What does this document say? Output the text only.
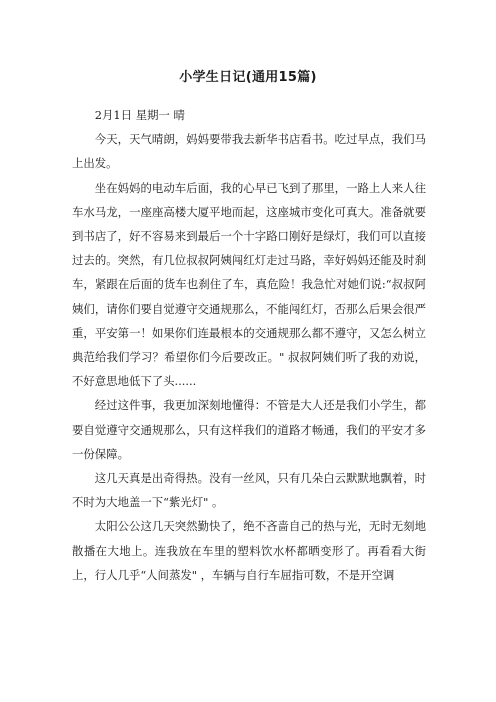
小学生日记(通用15篇)

2月1日 星期一 晴

今天，天气晴朗，妈妈要带我去新华书店看书。吃过早点，我们马上出发。

坐在妈妈的电动车后面，我的心早已飞到了那里，一路上人来人往车水马龙，一座座高楼大厦平地而起，这座城市变化可真大。准备就要到书店了，好不容易来到最后一个十字路口刚好是绿灯，我们可以直接过去的。突然，有几位叔叔阿姨闯红灯走过马路，幸好妈妈还能及时刹车，紧跟在后面的货车也刹住了车，真危险！我急忙对她们说:“叔叔阿姨们，请你们要自觉遵守交通规那么，不能闯红灯，否那么后果会很严重，平安第一！如果你们连最根本的交通规那么都不遵守，又怎么树立典范给我们学习？希望你们今后要改正。" 叔叔阿姨们听了我的劝说，不好意思地低下了头......

经过这件事，我更加深刻地懂得：不管是大人还是我们小学生，都要自觉遵守交通规那么，只有这样我们的道路才畅通，我们的平安才多一份保障。

这几天真是出奇得热。没有一丝风，只有几朵白云默默地飘着，时不时为大地盖一下“紫光灯" 。

太阳公公这几天突然勤快了，绝不吝啬自己的热与光，无时无刻地散播在大地上。连我放在车里的塑料饮水杯都晒变形了。再看看大街上，行人几乎“人间蒸发" ，车辆与自行车屈指可数，不是开空调
